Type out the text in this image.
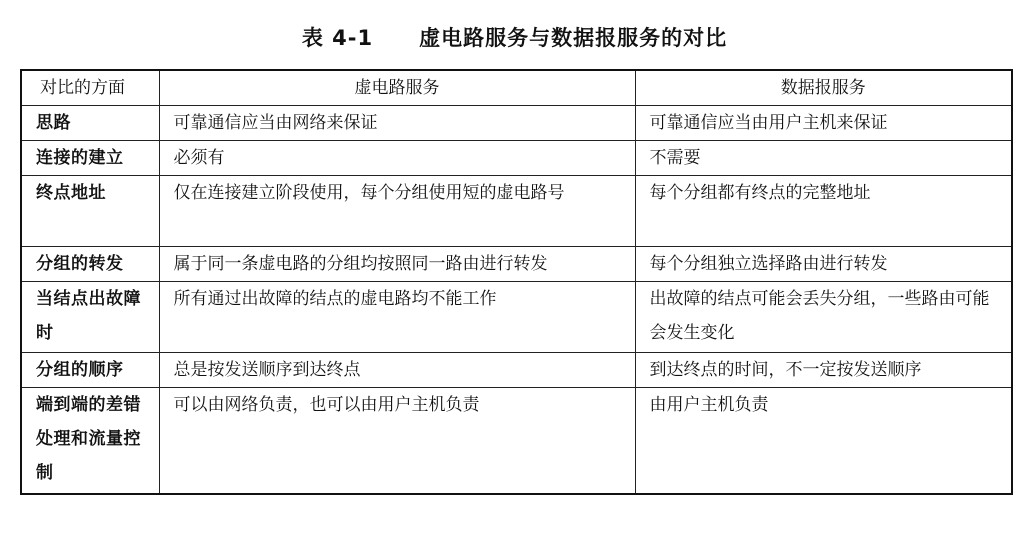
表 4-1 虚电路服务与数据报服务的对比
对比的方面	虚电路服务	数据报服务
思路	可靠通信应当由网络来保证	可靠通信应当由用户主机来保证
连接的建立	必须有	不需要
终点地址	仅在连接建立阶段使用，每个分组使用短的虚电路号	每个分组都有终点的完整地址
分组的转发	属于同一条虚电路的分组均按照同一路由进行转发	每个分组独立选择路由进行转发
当结点出故障时	所有通过出故障的结点的虚电路均不能工作	出故障的结点可能会丢失分组，一些路由可能会发生变化
分组的顺序	总是按发送顺序到达终点	到达终点的时间，不一定按发送顺序
端到端的差错处理和流量控制	可以由网络负责，也可以由用户主机负责	由用户主机负责
